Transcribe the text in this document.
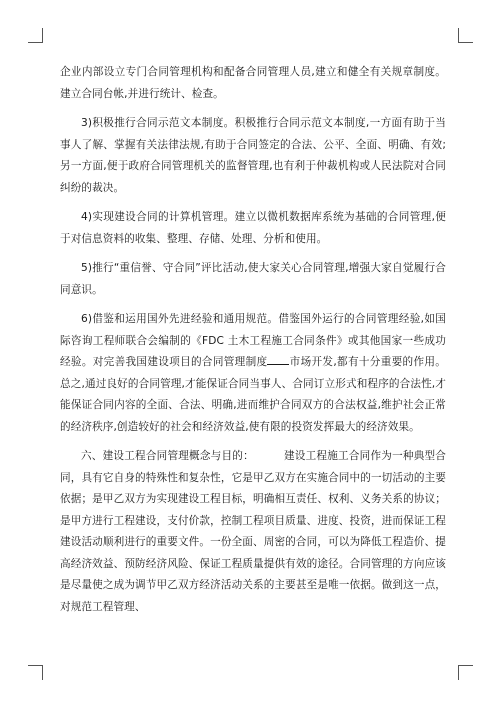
企业内部设立专门合同管理机构和配备合同管理人员,建立和健全有关规章制度。建立合同台帐,并进行统计、检查。

3)积极推行合同示范文本制度。积极推行合同示范文本制度,一方面有助于当事人了解、掌握有关法律法规,有助于合同签定的合法、公平、全面、明确、有效;另一方面,便于政府合同管理机关的监督管理,也有利于仲裁机构或人民法院对合同纠纷的裁决。

4)实现建设合同的计算机管理。建立以微机数据库系统为基础的合同管理,便于对信息资料的收集、整理、存储、处理、分析和使用。

5)推行“重信誉、守合同”评比活动,使大家关心合同管理,增强大家自觉履行合同意识。

6)借鉴和运用国外先进经验和通用规范。借鉴国外运行的合同管理经验,如国际咨询工程师联合会编制的《FDC 土木工程施工合同条件》或其他国家一些成功经验。对完善我国建设项目的合同管理制度 市场开发,都有十分重要的作用。总之,通过良好的合同管理,才能保证合同当事人、合同订立形式和程序的合法性,才能保证合同内容的全面、合法、明确,进而维护合同双方的合法权益,维护社会正常的经济秩序,创造较好的社会和经济效益,使有限的投资发挥最大的经济效果。

六、建设工程合同管理概念与目的：	建设工程施工合同作为一种典型合同，具有它自身的特殊性和复杂性，它是甲乙双方在实施合同中的一切活动的主要依据；是甲乙双方为实现建设工程目标，明确相互责任、权利、义务关系的协议；是甲方进行工程建设，支付价款，控制工程项目质量、进度、投资，进而保证工程建设活动顺利进行的重要文件。一份全面、周密的合同，可以为降低工程造价、提高经济效益、预防经济风险、保证工程质量提供有效的途径。合同管理的方向应该是尽量使之成为调节甲乙双方经济活动关系的主要甚至是唯一依据。做到这一点，对规范工程管理、
